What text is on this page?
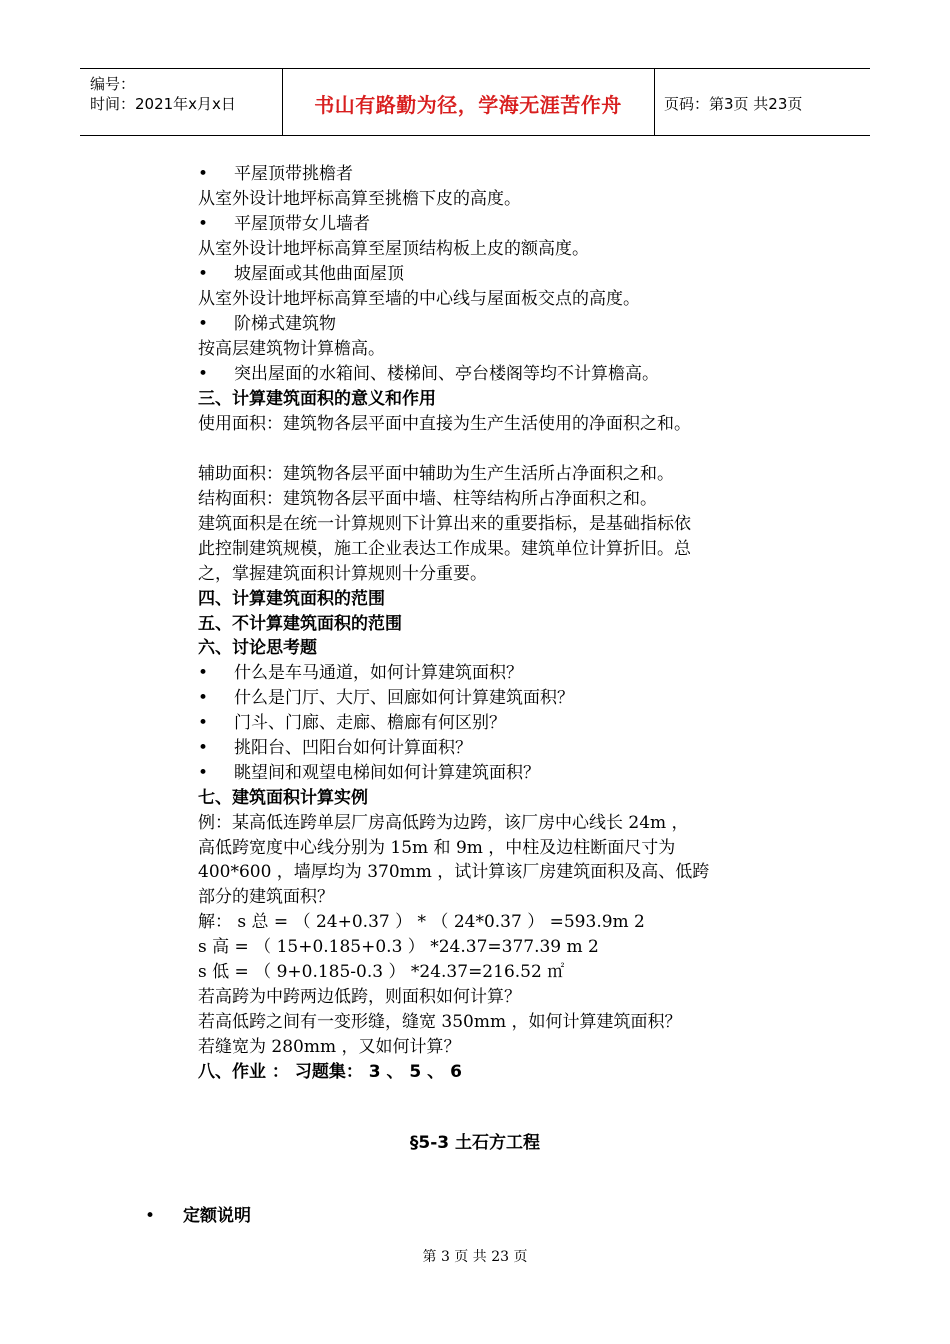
编号：
时间：2021年x月x日	书山有路勤为径，学海无涯苦作舟	页码：第3页 共23页
• 平屋顶带挑檐者
从室外设计地坪标高算至挑檐下皮的高度。
• 平屋顶带女儿墙者
从室外设计地坪标高算至屋顶结构板上皮的额高度。
• 坡屋面或其他曲面屋顶
从室外设计地坪标高算至墙的中心线与屋面板交点的高度。
• 阶梯式建筑物
按高层建筑物计算檐高。
• 突出屋面的水箱间、楼梯间、亭台楼阁等均不计算檐高。
三、计算建筑面积的意义和作用
使用面积：建筑物各层平面中直接为生产生活使用的净面积之和。
辅助面积：建筑物各层平面中辅助为生产生活所占净面积之和。
结构面积：建筑物各层平面中墙、柱等结构所占净面积之和。
建筑面积是在统一计算规则下计算出来的重要指标，是基础指标依
此控制建筑规模，施工企业表达工作成果。建筑单位计算折旧。总
之，掌握建筑面积计算规则十分重要。
四、计算建筑面积的范围
五、不计算建筑面积的范围
六、讨论思考题
• 什么是车马通道，如何计算建筑面积？
• 什么是门厅、大厅、回廊如何计算建筑面积？
• 门斗、门廊、走廊、檐廊有何区别？
• 挑阳台、凹阳台如何计算面积？
• 眺望间和观望电梯间如何计算建筑面积？
七、建筑面积计算实例
例：某高低连跨单层厂房高低跨为边跨，该厂房中心线长 24m ，
高低跨宽度中心线分别为 15m 和 9m ，中柱及边柱断面尺寸为
400*600 ，墙厚均为 370mm ，试计算该厂房建筑面积及高、低跨
部分的建筑面积？
解： s 总 = （ 24+0.37 ） * （ 24*0.37 ） =593.9m 2
s 高 = （ 15+0.185+0.3 ） *24.37=377.39 m 2
s 低 = （ 9+0.185-0.3 ） *24.37=216.52 ㎡
若高跨为中跨两边低跨，则面积如何计算？
若高低跨之间有一变形缝，缝宽 350mm ，如何计算建筑面积？
若缝宽为 280mm ，又如何计算？
八、作业 ： 习题集： 3 、 5 、 6
§5-3 土石方工程
• 定额说明
第 3 页 共 23 页
